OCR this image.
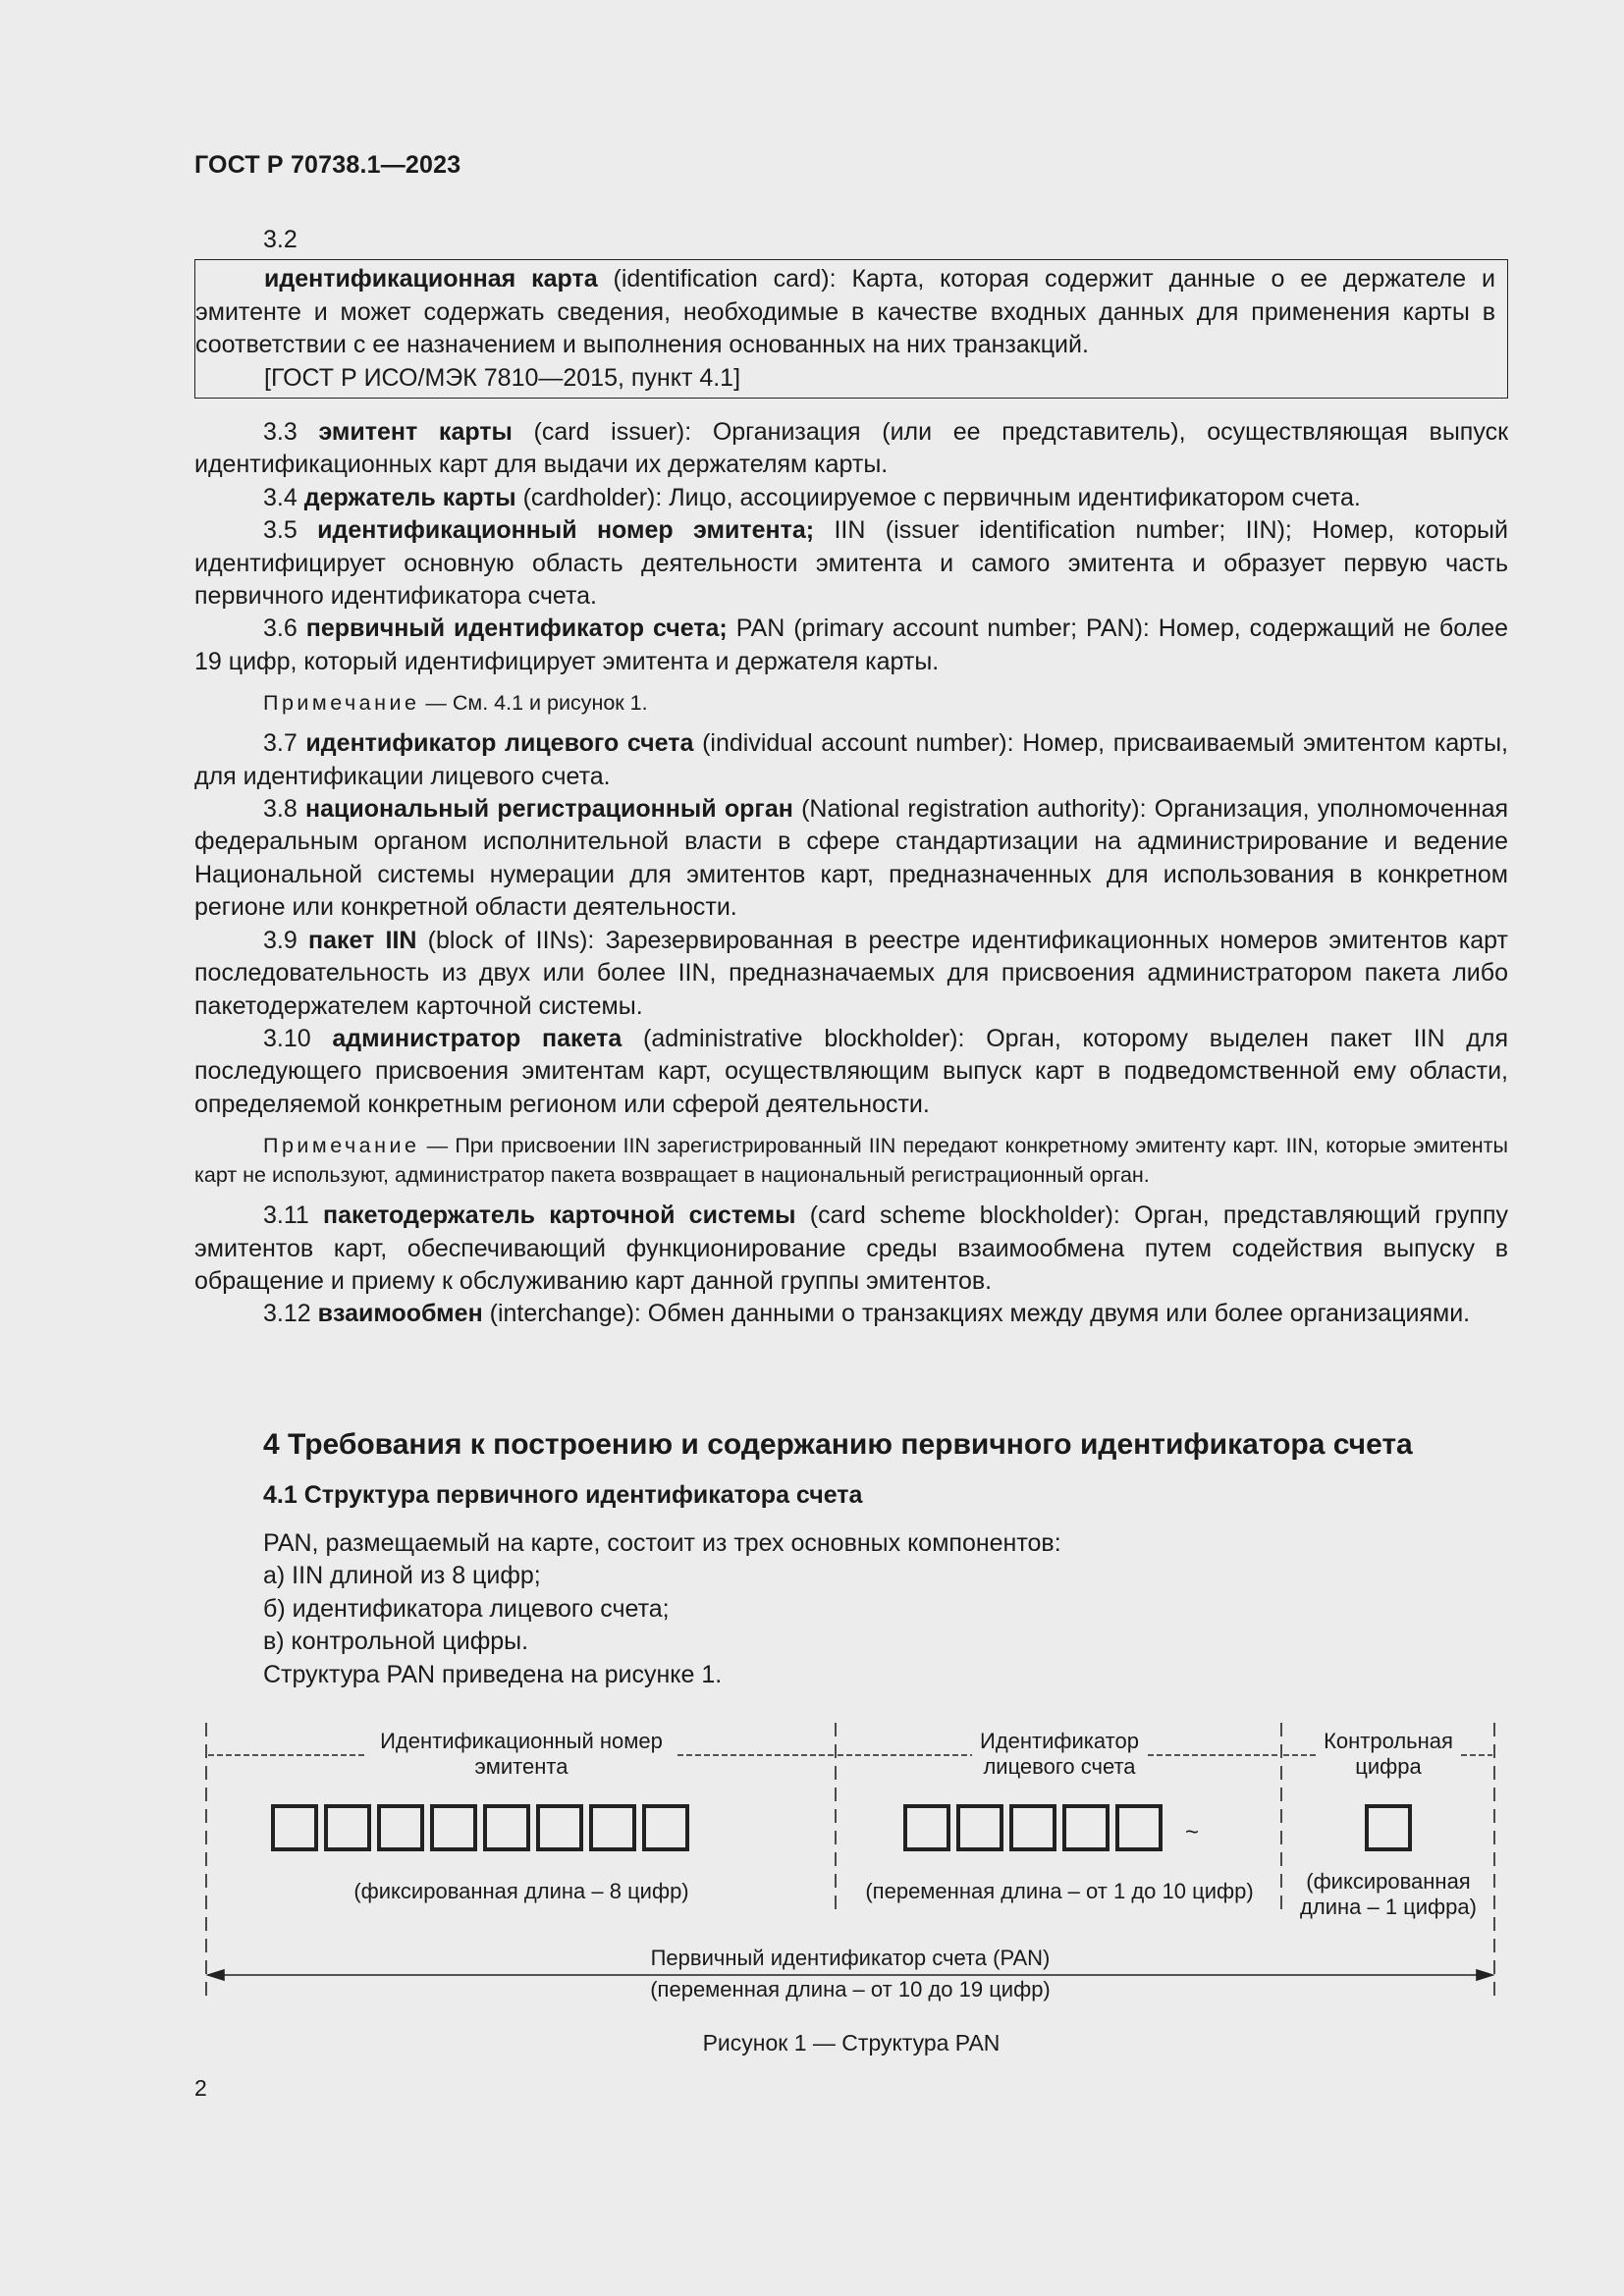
ГОСТ Р 70738.1—2023

3.2

идентификационная карта (identification card): Карта, которая содержит данные о ее держателе и эмитенте и может содержать сведения, необходимые в качестве входных данных для применения карты в соответствии с ее назначением и выполнения основанных на них транзакций.

[ГОСТ Р ИСО/МЭК 7810—2015, пункт 4.1]

3.3 эмитент карты (card issuer): Организация (или ее представитель), осуществляющая выпуск идентификационных карт для выдачи их держателям карты.

3.4 держатель карты (cardholder): Лицо, ассоциируемое с первичным идентификатором счета.

3.5 идентификационный номер эмитента; IIN (issuer identification number; IIN); Номер, который идентифицирует основную область деятельности эмитента и самого эмитента и образует первую часть первичного идентификатора счета.

3.6 первичный идентификатор счета; PAN (primary account number; PAN): Номер, содержащий не более 19 цифр, который идентифицирует эмитента и держателя карты.

Примечание — См. 4.1 и рисунок 1.

3.7 идентификатор лицевого счета (individual account number): Номер, присваиваемый эмитентом карты, для идентификации лицевого счета.

3.8 национальный регистрационный орган (National registration authority): Организация, уполномоченная федеральным органом исполнительной власти в сфере стандартизации на администрирование и ведение Национальной системы нумерации для эмитентов карт, предназначенных для использования в конкретном регионе или конкретной области деятельности.

3.9 пакет IIN (block of IINs): Зарезервированная в реестре идентификационных номеров эмитентов карт последовательность из двух или более IIN, предназначаемых для присвоения администратором пакета либо пакетодержателем карточной системы.

3.10 администратор пакета (administrative blockholder): Орган, которому выделен пакет IIN для последующего присвоения эмитентам карт, осуществляющим выпуск карт в подведомственной ему области, определяемой конкретным регионом или сферой деятельности.

Примечание — При присвоении IIN зарегистрированный IIN передают конкретному эмитенту карт. IIN, которые эмитенты карт не используют, администратор пакета возвращает в национальный регистрационный орган.

3.11 пакетодержатель карточной системы (card scheme blockholder): Орган, представляющий группу эмитентов карт, обеспечивающий функционирование среды взаимообмена путем содействия выпуску в обращение и приему к обслуживанию карт данной группы эмитентов.

3.12 взаимообмен (interchange): Обмен данными о транзакциях между двумя или более организациями.

4 Требования к построению и содержанию первичного идентификатора счета

4.1 Структура первичного идентификатора счета

PAN, размещаемый на карте, состоит из трех основных компонентов:

а) IIN длиной из 8 цифр;

б) идентификатора лицевого счета;

в) контрольной цифры.

Структура PAN приведена на рисунке 1.

Идентификационный номер
эмитента
Идентификатор
лицевого счета
Контрольная
цифра
~
(фиксированная длина – 8 цифр)	(переменная длина – от 1 до 10 цифр) (фиксированная
длина – 1 цифра)
Первичный идентификатор счета (PAN)
(переменная длина – от 10 до 19 цифр)
Рисунок 1 — Структура PAN
2
